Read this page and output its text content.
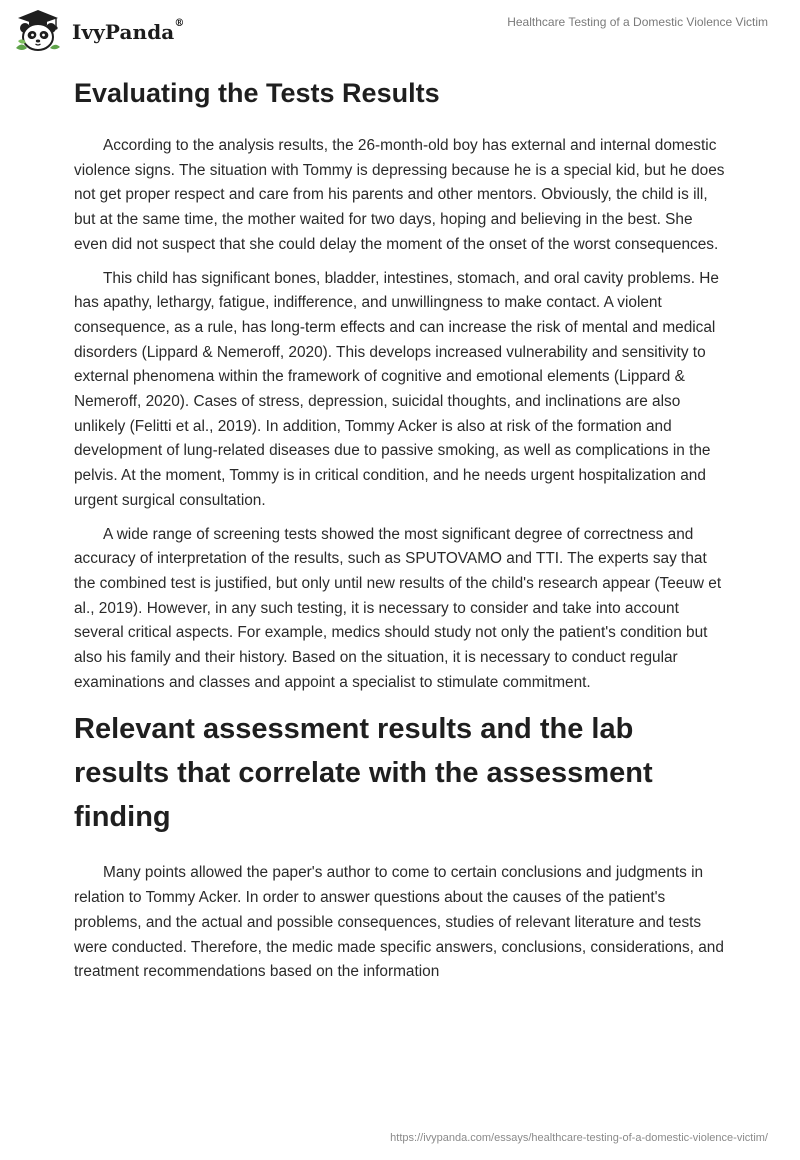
IvyPanda®	Healthcare Testing of a Domestic Violence Victim
Evaluating the Tests Results

According to the analysis results, the 26-month-old boy has external and internal domestic violence signs. The situation with Tommy is depressing because he is a special kid, but he does not get proper respect and care from his parents and other mentors. Obviously, the child is ill, but at the same time, the mother waited for two days, hoping and believing in the best. She even did not suspect that she could delay the moment of the onset of the worst consequences.

This child has significant bones, bladder, intestines, stomach, and oral cavity problems. He has apathy, lethargy, fatigue, indifference, and unwillingness to make contact. A violent consequence, as a rule, has long-term effects and can increase the risk of mental and medical disorders (Lippard & Nemeroff, 2020). This develops increased vulnerability and sensitivity to external phenomena within the framework of cognitive and emotional elements (Lippard & Nemeroff, 2020). Cases of stress, depression, suicidal thoughts, and inclinations are also unlikely (Felitti et al., 2019). In addition, Tommy Acker is also at risk of the formation and development of lung-related diseases due to passive smoking, as well as complications in the pelvis. At the moment, Tommy is in critical condition, and he needs urgent hospitalization and urgent surgical consultation.

A wide range of screening tests showed the most significant degree of correctness and accuracy of interpretation of the results, such as SPUTOVAMO and TTI. The experts say that the combined test is justified, but only until new results of the child's research appear (Teeuw et al., 2019). However, in any such testing, it is necessary to consider and take into account several critical aspects. For example, medics should study not only the patient's condition but also his family and their history. Based on the situation, it is necessary to conduct regular examinations and classes and appoint a specialist to stimulate commitment.

Relevant assessment results and the lab results that correlate with the assessment finding

Many points allowed the paper's author to come to certain conclusions and judgments in relation to Tommy Acker. In order to answer questions about the causes of the patient's problems, and the actual and possible consequences, studies of relevant literature and tests were conducted. Therefore, the medic made specific answers, conclusions, considerations, and treatment recommendations based on the information

https://ivypanda.com/essays/healthcare-testing-of-a-domestic-violence-victim/
